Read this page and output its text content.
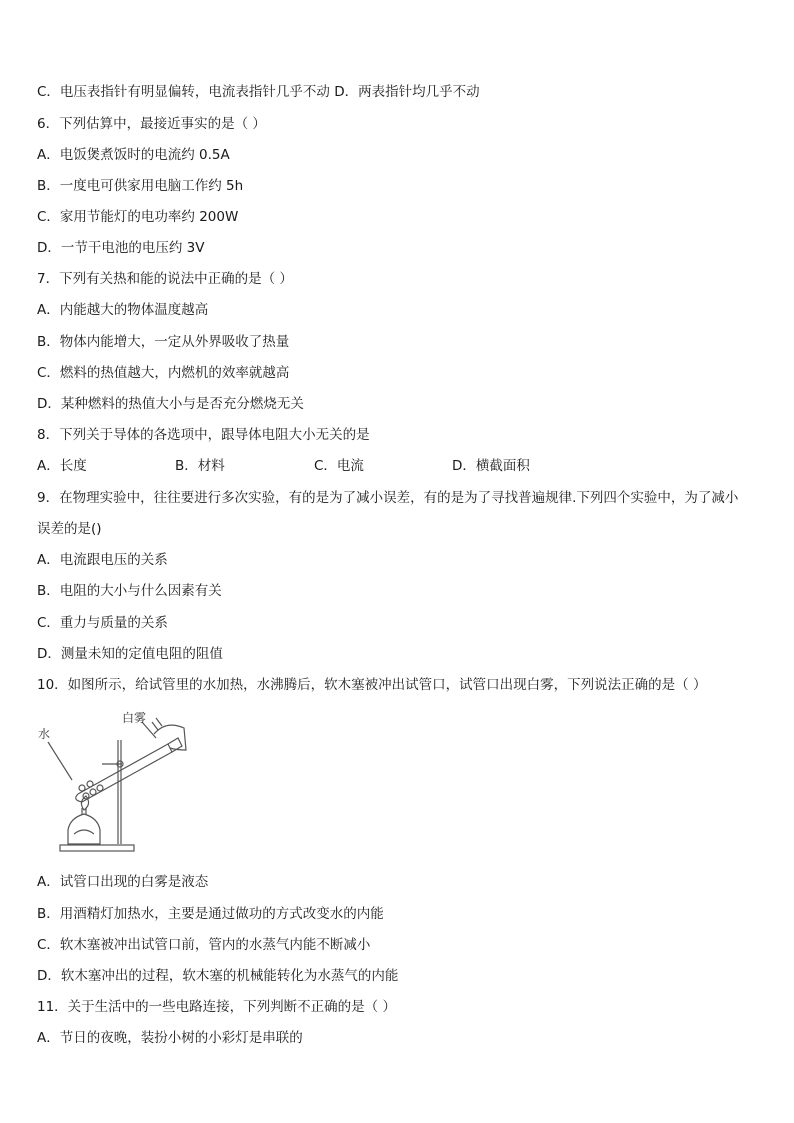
C．电压表指针有明显偏转，电流表指针几乎不动 D．两表指针均几乎不动
6．下列估算中，最接近事实的是（ ）
A．电饭煲煮饭时的电流约 0.5A
B．一度电可供家用电脑工作约 5h
C．家用节能灯的电功率约 200W
D．一节干电池的电压约 3V
7．下列有关热和能的说法中正确的是（ ）
A．内能越大的物体温度越高
B．物体内能增大，一定从外界吸收了热量
C．燃料的热值越大，内燃机的效率就越高
D．某种燃料的热值大小与是否充分燃烧无关
8．下列关于导体的各选项中，跟导体电阻大小无关的是
A．长度	B．材料	C．电流	D．横截面积
9．在物理实验中，往往要进行多次实验，有的是为了减小误差，有的是为了寻找普遍规律.下列四个实验中，为了减小
误差的是()
A．电流跟电压的关系
B．电阻的大小与什么因素有关
C．重力与质量的关系
D．测量未知的定值电阻的阻值
10．如图所示，给试管里的水加热，水沸腾后，软木塞被冲出试管口，试管口出现白雾，下列说法正确的是（ ）
白雾
水
A．试管口出现的白雾是液态
B．用酒精灯加热水，主要是通过做功的方式改变水的内能
C．软木塞被冲出试管口前，管内的水蒸气内能不断减小
D．软木塞冲出的过程，软木塞的机械能转化为水蒸气的内能
11．关于生活中的一些电路连接，下列判断不正确的是（ ）
A．节日的夜晚，装扮小树的小彩灯是串联的
